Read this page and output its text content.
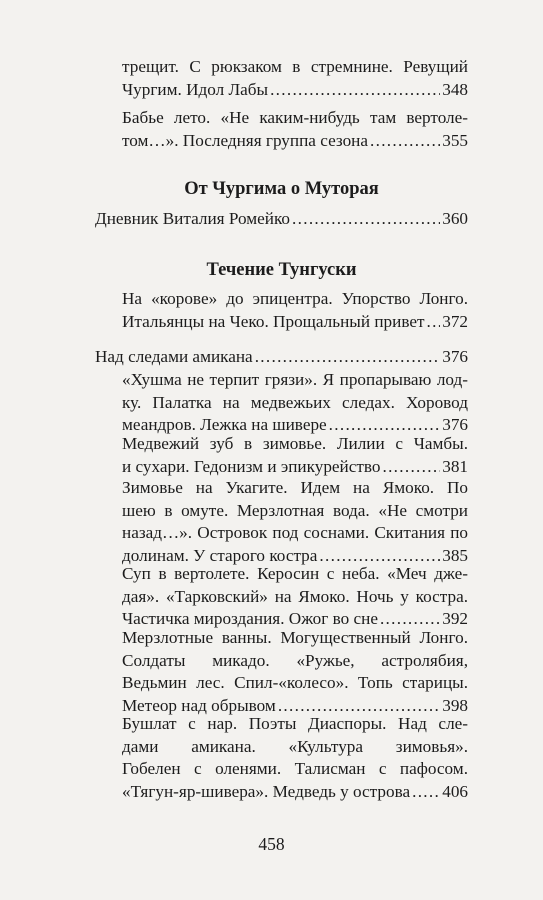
трещит. С рюкзаком в стремнине. Ревущий
Чургим. Идол Лабы . . .	348
Бабье лето. «Не каким-нибудь там вертоле-
том…». Последняя группа сезона . . .	355
От Чургима о Муторая
Дневник Виталия Ромейко . . .	360
Течение Тунгуски
На «корове» до эпицентра. Упорство Лонго.
Итальянцы на Чеко. Прощальный привет . . . 372
Над следами амикана . . .	376
«Хушма не терпит грязи». Я пропарываю лод-
ку. Палатка на медвежьих следах. Хоровод
меандров. Лежка на шивере . . .	376
Медвежий зуб в зимовье. Лилии с Чамбы.
и сухари. Гедонизм и эпикурейство . . .	381
Зимовье на Укагите. Идем на Ямоко. По
шею в омуте. Мерзлотная вода. «Не смотри
назад…». Островок под соснами. Скитания по
долинам. У старого костра . . .	385
Суп в вертолете. Керосин с неба. «Меч дже-
дая». «Тарковский» на Ямоко. Ночь у костра.
Частичка мироздания. Ожог во сне . . .	392
Мерзлотные ванны. Могущественный Лонго.
Солдаты микадо. «Ружье, астролябия,
Ведьмин лес. Спил-«колесо». Топь старицы.
Метеор над обрывом . . .	398
Бушлат с нар. Поэты Диаспоры. Над сле-
дами амикана. «Культура зимовья».
Гобелен с оленями. Талисман с пафосом.
«Тягун-яр-шивера». Медведь у острова . . . 406
458
